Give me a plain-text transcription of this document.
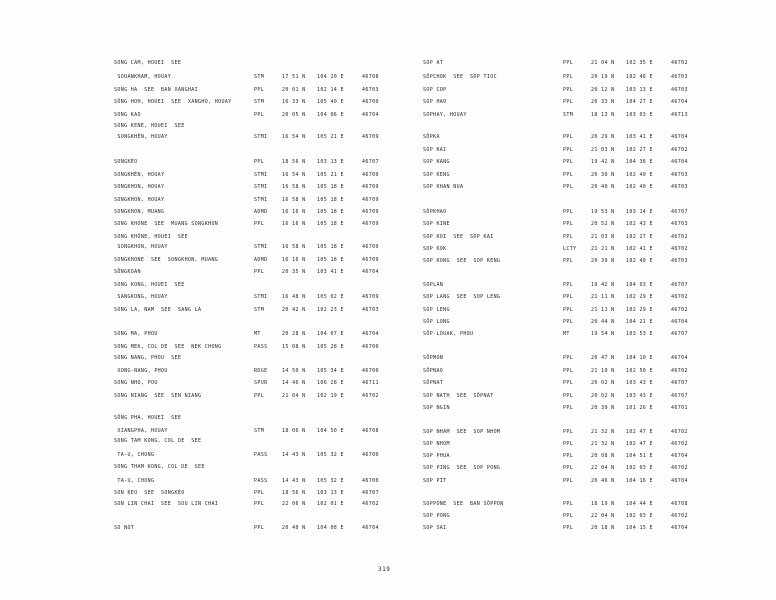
SONG CAM, HOUEI  SEE
SOUANKHAM, HOUAY	STM	17 51 N 104 20 E	46708
SONG HA  SEE  BAN XANGHAI	PPL	20 01 N 102 14 E	46703
SÔNG HOH, HOUEI  SEE  XANGHO, HOUAY	STM	16 33 N 105 40 E	46709
SONG KAO	PPL	20 05 N 104 06 E	46704
SONG KENE, HOUEI  SEE
SONGKHÈN, HOUAY	STMI	16 54 N 105 21 E	46709
SONGKÈO	PPL	18 56 N 103 13 E	46707
SONGKHÈN, HOUAY	STMI	16 54 N 105 21 E	46709
SONGKHON, HOUAY	STMI	16 58 N 105 18 E	46709
SONGKHON, HOUAY	STMI	16 58 N 105 18 E	46709
SONGKHON, MUANG	ADMD	16 16 N 105 18 E	46709
SONG KHONE  SEE  MUANG SONGKHON	PPL	16 16 N 105 18 E	46709
SONG KHÔNE, HOUEI  SEE
SONGKHON, HOUAY	STMI	16 58 N 105 18 E	46709
SONGKHONE  SEE  SONGKHON, MUANG	ADMD	16 16 N 105 18 E	46709
SÔNGKOAN	PPL	20 35 N 103 41 E	46704
SONG KONG, HOUEI  SEE
SANGKONG, HOUAY	STMI	16 48 N 105 02 E	46709
SONG LA, NAM  SEE  SANG LA	STM	20 42 N 102 23 E	46703
SONG MA, PHOU	MT	20 28 N 104 07 E	46704
SONG MEK, COL DE  SEE  NEK CHONG	PASS	15 08 N 105 28 E	46700
SONG NANG, PHOU  SEE
XONG-NANG, PHOU	RDGE	14 50 N 105 34 E	46700
SONG NHO, POU	SPUR	14 46 N 106 28 E	46711
SONG NIANG  SEE  SEN NIANG	PPL	21 04 N 102 19 E	46702
SÔNG PHA, HOUEI  SEE
XIANGPHA, HOUAY	STM	18 06 N 104 50 E	46708
SONG TAM KONG, COL DE  SEE
TA-U, CHONG	PASS	14 43 N 105 32 E	46700
SONG THAM KONG, COL DE  SEE
TA-U, CHONG	PASS	14 43 N 105 32 E	46700
SON KEO  SEE  SONGKÈO	PPL	18 56 N 103 13 E	46707
SON LIN CHAI  SEE  SOU LIN CHAI	PPL	22 06 N 102 01 E	46702
SO NOT	PPL	20 40 N 104 08 E	46704
SOP AT	PPL	21 04 N 102 35 E	46702
SÔPCHOK  SEE  SOP TIOC	PPL	20 19 N 102 46 E	46703
SOP COP	PPL	20 12 N 103 13 E	46703
SOP HAO	PPL	20 33 N 104 27 E	46704
SOPHAY, HOUAY	STM	18 13 N 103 03 E	46713
SÔPKA	PPL	20 29 N 103 41 E	46704
SOP KAI	PPL	21 03 N 102 27 E	46702
SOP KANG	PPL	19 42 N 104 36 E	46704
SOP KENG	PPL	20 39 N 102 40 E	46703
SOP KHAN NUA	PPL	20 40 N 102 40 E	46703
SÔPKHAO	PPL	19 53 N 103 14 E	46707
SOP KINE	PPL	20 52 N 102 43 E	46703
SOP KOI  SEE  SOP KAI	PPL	21 03 N 102 27 E	46702
SOP KOK	LCTY	21 21 N 102 41 E	46702
SOP KONG  SEE  SOP KENG	PPL	20 39 N 102 40 E	46703
SOPLAN	PPL	19 42 N 104 03 E	46707
SOP LANG  SEE  SOP LENG	PPL	21 11 N 102 29 E	46702
SOP LENG	PPL	21 11 N 102 29 E	46702
SÔP LONG	PPL	20 44 N 104 21 E	46704
SÔP-LOUAK, PHOU	MT	19 54 N 103 53 E	46707
SÔPMON	PPL	20 47 N 104 10 E	46704
SÔPNAO	PPL	21 10 N 102 50 E	46702
SÔPNAT	PPL	20 02 N 103 43 E	46707
SOP NATH  SEE  SÔPNAT	PPL	20 02 N 103 43 E	46707
SOP NGIN	PPL	20 39 N 101 26 E	46701
SOP NHAM  SEE  SOP NHOM	PPL	21 32 N 102 47 E	46702
SOP NHOM	PPL	21 32 N 102 47 E	46702
SOP PHUA	PPL	20 08 N 104 51 E	46704
SOP PING  SEE  SOP PONG	PPL	22 04 N 102 03 E	46702
SOP PIT	PPL	20 46 N 104 16 E	46704
SOPPONE  SEE  BAN SÔPPON	PPL	18 19 N 104 44 E	46708
SOP PONG	PPL	22 04 N 102 03 E	46702
SOP SAI	PPL	20 18 N 104 15 E	46704
319
